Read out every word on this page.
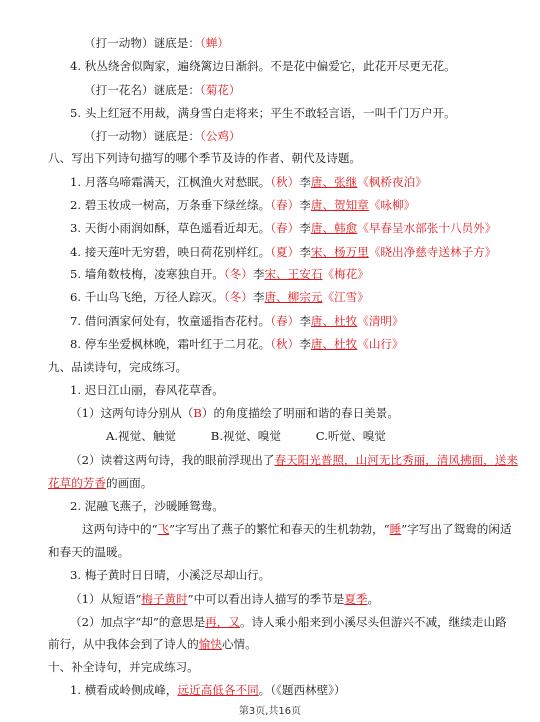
（打一动物）谜底是：（蝉）
4. 秋丛绕舍似陶家，遍绕篱边日渐斜。不是花中偏爱它，此花开尽更无花。
（打一花名）谜底是：（菊花）
5. 头上红冠不用裁，满身雪白走将来；平生不敢轻言语，一叫千门万户开。
（打一动物）谜底是：（公鸡）
八、写出下列诗句描写的哪个季节及诗的作者、朝代及诗题。
1. 月落乌啼霜满天，江枫渔火对愁眠。（秋）李唐、张继《枫桥夜泊》
2. 碧玉妆成一树高，万条垂下绿丝绦。（春）李唐、贺知章《咏柳》
3. 天街小雨润如酥，草色遥看近却无。（春）李唐、韩愈《早春呈水部张十八员外》
4. 接天莲叶无穷碧，映日荷花别样红。（夏）李宋、杨万里《晓出净慈寺送林子方》
5. 墙角数枝梅，凌寒独自开。（冬）李宋、王安石《梅花》
6. 千山鸟飞绝，万径人踪灭。（冬）李唐、柳宗元《江雪》
7. 借问酒家何处有，牧童遥指杏花村。（春）李唐、杜牧《清明》
8. 停车坐爱枫林晚，霜叶红于二月花。（秋）李唐、杜牧《山行》
九、品读诗句，完成练习。
1. 迟日江山丽，春风花草香。
（1）这两句诗分别从（B）的角度描绘了明丽和谐的春日美景。
A.视觉、触觉　　　B.视觉、嗅觉　　　C.听觉、嗅觉
（2）读着这两句诗，我的眼前浮现出了春天阳光普照，山河无比秀丽，清风拂面，送来
花草的芳香的画面。
2. 泥融飞燕子，沙暖睡鸳鸯。
这两句诗中的“飞”字写出了燕子的繁忙和春天的生机勃勃，“睡”字写出了鸳鸯的闲适
和春天的温暖。
3. 梅子黄时日日晴，小溪泛尽却山行。
（1）从短语“梅子黄时”中可以看出诗人描写的季节是夏季。
（2）加点字“却”的意思是再，又。诗人乘小船来到小溪尽头但游兴不减，继续走山路
前行，从中我体会到了诗人的愉快心情。
十、补全诗句，并完成练习。
1. 横看成岭侧成峰，远近高低各不同。（《题西林壁》）
第3页,共16页
